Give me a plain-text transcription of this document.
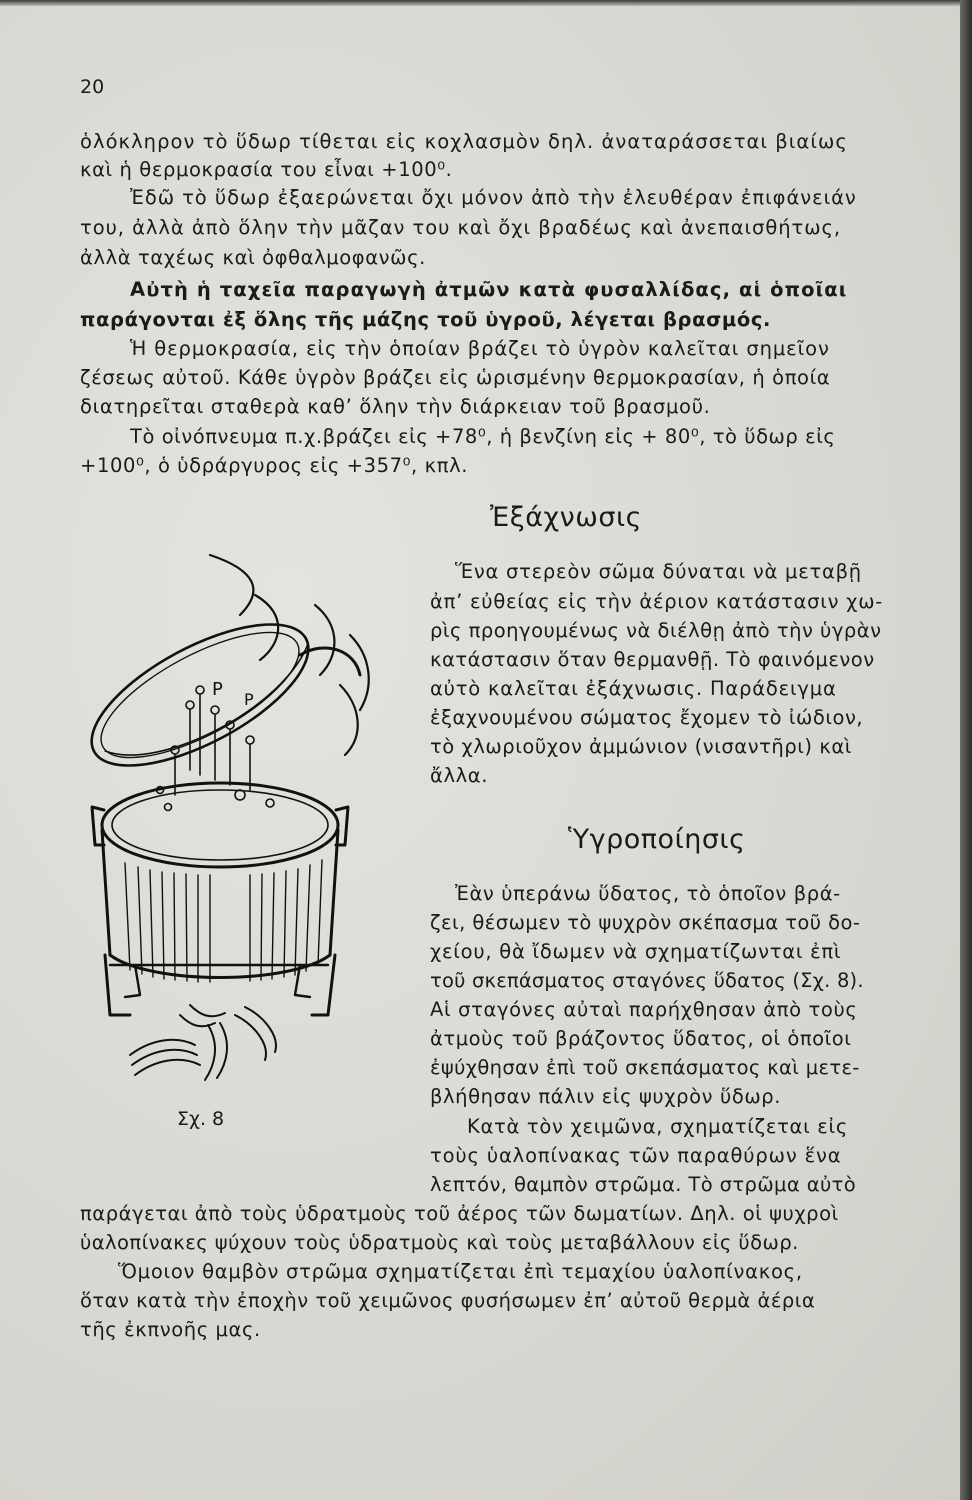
20
ὁλόκληρον τὸ ὕδωρ τίθεται εἰς κοχλασμὸν δηλ. ἀναταράσσεται βιαίως
καὶ ἡ θερμοκρασία του εἶναι +100⁰.
Ἐδῶ τὸ ὕδωρ ἐξαερώνεται ὄχι μόνον ἀπὸ τὴν ἐλευθέραν ἐπιφάνειάν
του, ἀλλὰ ἀπὸ ὅλην τὴν μᾶζαν του καὶ ὄχι βραδέως καὶ ἀνεπαισθήτως,
ἀλλὰ ταχέως καὶ ὀφθαλμοφανῶς.
Αὐτὴ ἡ ταχεῖα παραγωγὴ ἀτμῶν κατὰ φυσαλλίδας, αἱ ὁποῖαι
παράγονται ἐξ ὅλης τῆς μάζης τοῦ ὑγροῦ, λέγεται βρασμός.
Ἡ θερμοκρασία, εἰς τὴν ὁποίαν βράζει τὸ ὑγρὸν καλεῖται σημεῖον
ζέσεως αὐτοῦ. Κάθε ὑγρὸν βράζει εἰς ὡρισμένην θερμοκρασίαν, ἡ ὁποία
διατηρεῖται σταθερὰ καθ’ ὅλην τὴν διάρκειαν τοῦ βρασμοῦ.
Τὸ οἰνόπνευμα π.χ.βράζει εἰς +78⁰, ἡ βενζίνη εἰς + 80⁰, τὸ ὕδωρ εἰς
+100⁰, ὁ ὑδράργυρος εἰς +357⁰, κπλ.
Ἐξάχνωσις
Ἕνα στερεὸν σῶμα δύναται νὰ μεταβῇ
ἀπ’ εὐθείας εἰς τὴν ἀέριον κατάστασιν χω-
ρὶς προηγουμένως νὰ διέλθῃ ἀπὸ τὴν ὑγρὰν
κατάστασιν ὅταν θερμανθῇ. Τὸ φαινόμενον
αὐτὸ καλεῖται ἐξάχνωσις. Παράδειγμα
ἐξαχνουμένου σώματος ἔχομεν τὸ ἰώδιον,
τὸ χλωριοῦχον ἀμμώνιον (νισαντῆρι) καὶ
ἄλλα.
Ὑγροποίησις
Ἐὰν ὑπεράνω ὕδατος, τὸ ὁποῖον βρά-
ζει, θέσωμεν τὸ ψυχρὸν σκέπασμα τοῦ δο-
χείου, θὰ ἴδωμεν νὰ σχηματίζωνται ἐπὶ
τοῦ σκεπάσματος σταγόνες ὕδατος (Σχ. 8).
Αἱ σταγόνες αὐταὶ παρήχθησαν ἀπὸ τοὺς
ἀτμοὺς τοῦ βράζοντος ὕδατος, οἱ ὁποῖοι
ἐψύχθησαν ἐπὶ τοῦ σκεπάσματος καὶ μετε-
βλήθησαν πάλιν εἰς ψυχρὸν ὕδωρ.
Κατὰ τὸν χειμῶνα, σχηματίζεται εἰς
τοὺς ὑαλοπίνακας τῶν παραθύρων ἕνα
λεπτόν, θαμπὸν στρῶμα. Τὸ στρῶμα αὐτὸ
παράγεται ἀπὸ τοὺς ὑδρατμοὺς τοῦ ἀέρος τῶν δωματίων. Δηλ. οἱ ψυχροὶ
ὑαλοπίνακες ψύχουν τοὺς ὑδρατμοὺς καὶ τοὺς μεταβάλλουν εἰς ὕδωρ.
Ὅμοιον θαμβὸν στρῶμα σχηματίζεται ἐπὶ τεμαχίου ὑαλοπίνακος,
ὅταν κατὰ τὴν ἐποχὴν τοῦ χειμῶνος φυσήσωμεν ἐπ’ αὐτοῦ θερμὰ ἀέρια
τῆς ἐκπνοῆς μας.
P P
Σχ. 8
